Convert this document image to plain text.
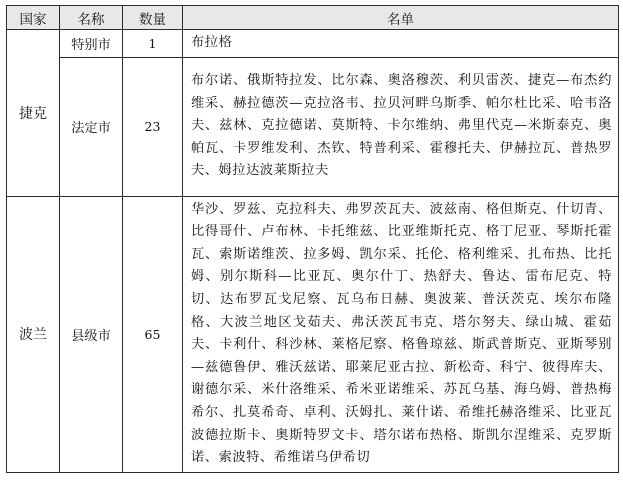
国家	名称	数量	名单
捷克	特别市	1	布拉格
	法定市	23	布尔诺、俄斯特拉发、比尔森、奥洛穆茨、利贝雷茨、捷克—布杰约维采、赫拉德茨—克拉洛韦、拉贝河畔乌斯季、帕尔杜比采、哈韦洛夫、兹林、克拉德诺、莫斯特、卡尔维纳、弗里代克—米斯泰克、奥帕瓦、卡罗维发利、杰钦、特普利采、霍穆托夫、伊赫拉瓦、普热罗夫、姆拉达波莱斯拉夫
波兰	县级市	65	华沙、罗兹、克拉科夫、弗罗茨瓦夫、波兹南、格但斯克、什切青、比得哥什、卢布林、卡托维兹、比亚维斯托克、格丁尼亚、琴斯托霍瓦、索斯诺维茨、拉多姆、凯尔采、托伦、格利维采、扎布热、比托姆、别尔斯科—比亚瓦、奥尔什丁、热舒夫、鲁达、雷布尼克、特切、达布罗瓦戈尼察、瓦乌布日赫、奥波莱、普沃茨克、埃尔布隆格、大波兰地区戈茹夫、弗沃茨瓦韦克、塔尔努夫、绿山城、霍茹夫、卡利什、科沙林、莱格尼察、格鲁琼兹、斯武普斯克、亚斯琴别—兹德鲁伊、雅沃兹诺、耶莱尼亚古拉、新松奇、科宁、彼得库夫、谢德尔采、米什洛维采、希米亚诺维采、苏瓦乌基、海乌姆、普热梅希尔、扎莫希奇、卓利、沃姆扎、莱什诺、希维托赫洛维采、比亚瓦波德拉斯卡、奥斯特罗文卡、塔尔诺布热格、斯凯尔涅维采、克罗斯诺、索波特、希维诺乌伊希切
